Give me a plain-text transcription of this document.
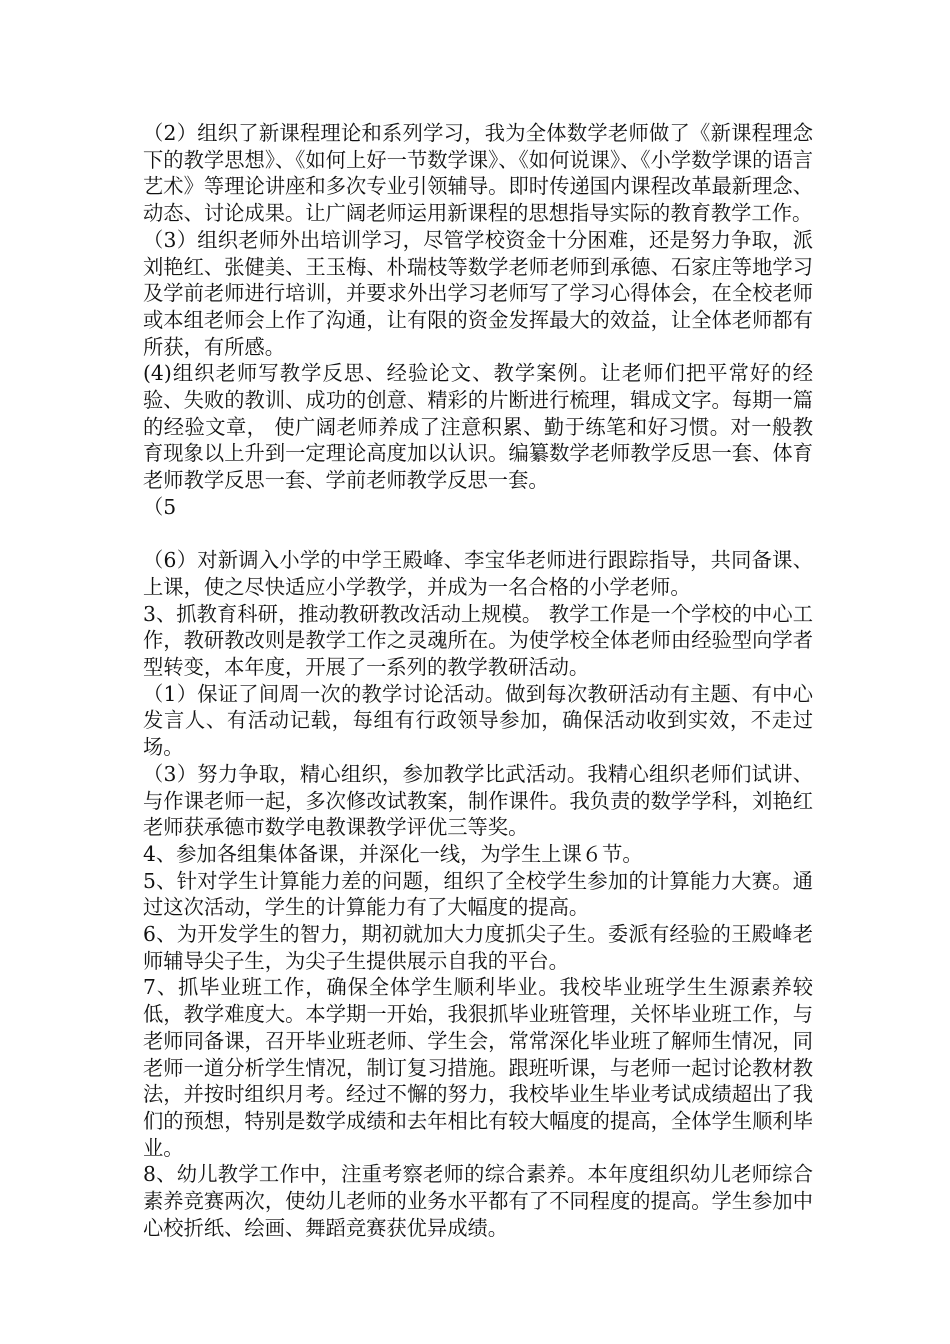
（2）组织了新课程理论和系列学习，我为全体数学老师做了《新课程理念下的教学思想》、《如何上好一节数学课》、《如何说课》、《小学数学课的语言艺术》等理论讲座和多次专业引领辅导。即时传递国内课程改革最新理念、动态、讨论成果。让广阔老师运用新课程的思想指导实际的教育教学工作。

（3）组织老师外出培训学习，尽管学校资金十分困难，还是努力争取，派刘艳红、张健美、王玉梅、朴瑞枝等数学老师老师到承德、石家庄等地学习及学前老师进行培训，并要求外出学习老师写了学习心得体会，在全校老师或本组老师会上作了沟通，让有限的资金发挥最大的效益，让全体老师都有所获，有所感。

(4)组织老师写教学反思、经验论文、教学案例。让老师们把平常好的经验、失败的教训、成功的创意、精彩的片断进行梳理，辑成文字。每期一篇的经验文章， 使广阔老师养成了注意积累、勤于练笔和好习惯。对一般教育现象以上升到一定理论高度加以认识。编纂数学老师教学反思一套、体育老师教学反思一套、学前老师教学反思一套。

（5

（6）对新调入小学的中学王殿峰、李宝华老师进行跟踪指导，共同备课、上课，使之尽快适应小学教学，并成为一名合格的小学老师。

3、抓教育科研，推动教研教改活动上规模。 教学工作是一个学校的中心工作，教研教改则是教学工作之灵魂所在。为使学校全体老师由经验型向学者型转变，本年度，开展了一系列的教学教研活动。

（1）保证了间周一次的教学讨论活动。做到每次教研活动有主题、有中心发言人、有活动记载，每组有行政领导参加，确保活动收到实效，不走过场。

（3）努力争取，精心组织，参加教学比武活动。我精心组织老师们试讲、与作课老师一起，多次修改试教案，制作课件。我负责的数学学科，刘艳红老师获承德市数学电教课教学评优三等奖。

4、参加各组集体备课，并深化一线，为学生上课６节。

5、针对学生计算能力差的问题，组织了全校学生参加的计算能力大赛。通过这次活动，学生的计算能力有了大幅度的提高。

6、为开发学生的智力，期初就加大力度抓尖子生。委派有经验的王殿峰老师辅导尖子生，为尖子生提供展示自我的平台。

7、抓毕业班工作，确保全体学生顺利毕业。我校毕业班学生生源素养较低，教学难度大。本学期一开始，我狠抓毕业班管理，关怀毕业班工作，与老师同备课，召开毕业班老师、学生会，常常深化毕业班了解师生情况，同老师一道分析学生情况，制订复习措施。跟班听课，与老师一起讨论教材教法，并按时组织月考。经过不懈的努力，我校毕业生毕业考试成绩超出了我们的预想，特别是数学成绩和去年相比有较大幅度的提高，全体学生顺利毕业。

8、幼儿教学工作中，注重考察老师的综合素养。本年度组织幼儿老师综合素养竞赛两次，使幼儿老师的业务水平都有了不同程度的提高。学生参加中心校折纸、绘画、舞蹈竞赛获优异成绩。
